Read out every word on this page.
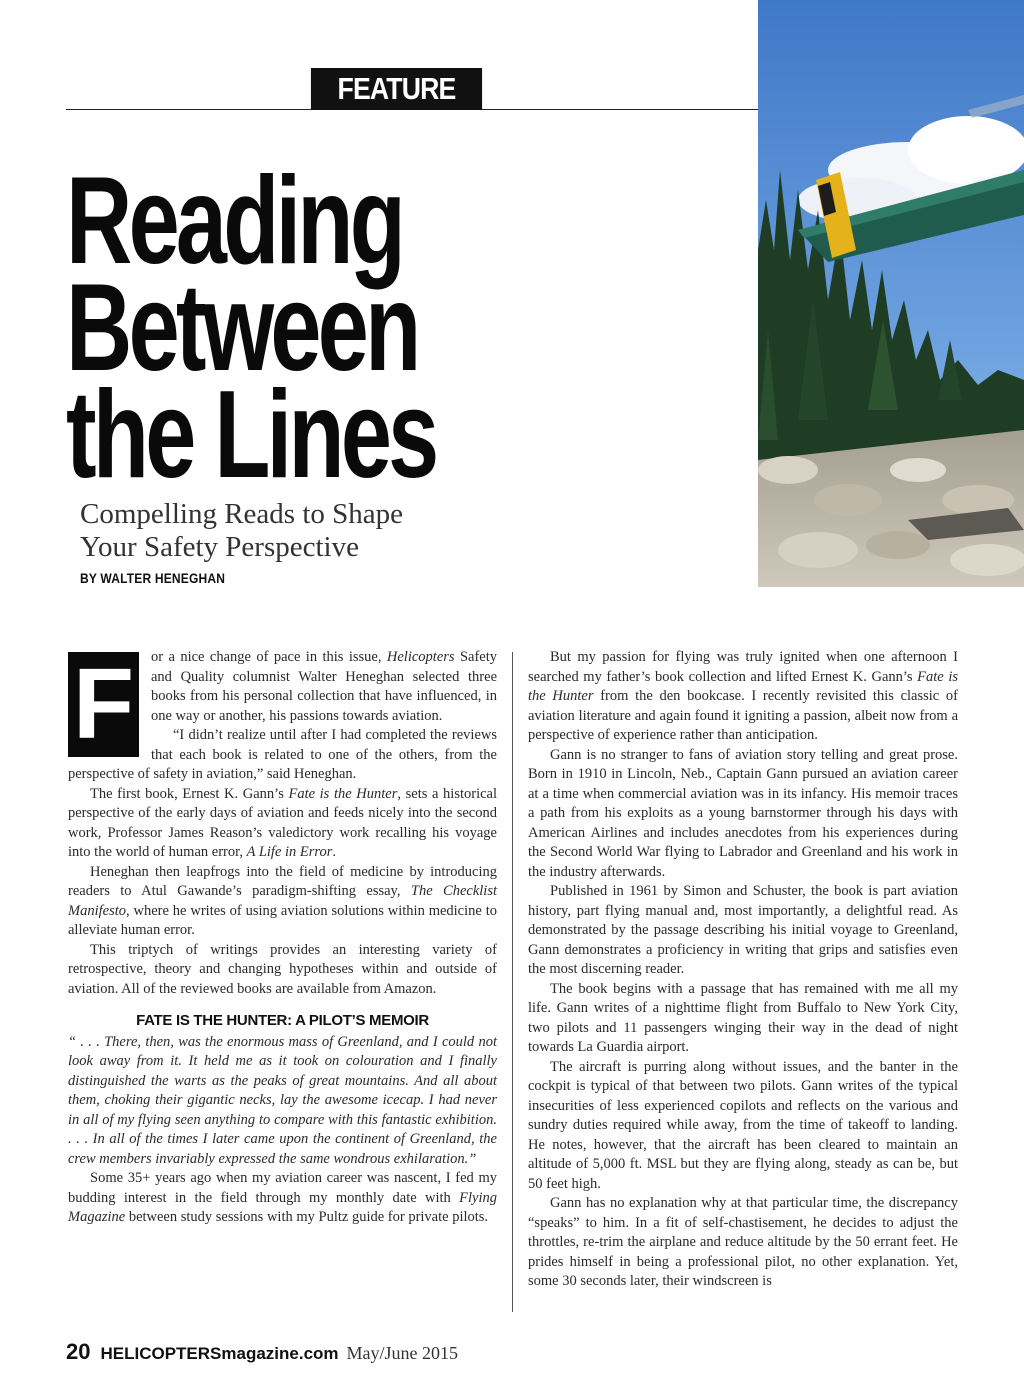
FEATURE
Reading
Between
the Lines
Compelling Reads to Shape
Your Safety Perspective
BY WALTER HENEGHAN
F	or a nice change of pace in this issue, Helicopters Safety and Quality columnist Walter Heneghan selected three books from his personal collection that have influenced, in one way or another, his passions towards aviation.

“I didn’t realize until after I had completed the reviews that each book is related to one of the others, from the perspective of safety in aviation,” said Heneghan.

The first book, Ernest K. Gann’s Fate is the Hunter, sets a historical perspective of the early days of aviation and feeds nicely into the second work, Professor James Reason’s valedictory work recalling his voyage into the world of human error, A Life in Error.

Heneghan then leapfrogs into the field of medicine by introducing readers to Atul Gawande’s paradigm-shifting essay, The Checklist Manifesto, where he writes of using aviation solutions within medicine to alleviate human error.

This triptych of writings provides an interesting variety of retrospective, theory and changing hypotheses within and outside of aviation. All of the reviewed books are available from Amazon.

FATE IS THE HUNTER: A PILOT’S MEMOIR

“ . . . There, then, was the enormous mass of Greenland, and I could not look away from it. It held me as it took on colouration and I finally distinguished the warts as the peaks of great mountains. And all about them, choking their gigantic necks, lay the awesome icecap. I had never in all of my flying seen anything to compare with this fantastic exhibition. . . . In all of the times I later came upon the continent of Greenland, the crew members invariably expressed the same wondrous exhilaration.”

Some 35+ years ago when my aviation career was nascent, I fed my budding interest in the field through my monthly date with Flying Magazine between study sessions with my Pultz guide for private pilots.

But my passion for flying was truly ignited when one afternoon I searched my father’s book collection and lifted Ernest K. Gann’s Fate is the Hunter from the den bookcase. I recently revisited this classic of aviation literature and again found it igniting a passion, albeit now from a perspective of experience rather than anticipation.

Gann is no stranger to fans of aviation story telling and great prose. Born in 1910 in Lincoln, Neb., Captain Gann pursued an aviation career at a time when commercial aviation was in its infancy. His memoir traces a path from his exploits as a young barnstormer through his days with American Airlines and includes anecdotes from his experiences during the Second World War flying to Labrador and Greenland and his work in the industry afterwards.

Published in 1961 by Simon and Schuster, the book is part aviation history, part flying manual and, most importantly, a delightful read. As demonstrated by the passage describing his initial voyage to Greenland, Gann demonstrates a proficiency in writing that grips and satisfies even the most discerning reader.

The book begins with a passage that has remained with me all my life. Gann writes of a nighttime flight from Buffalo to New York City, two pilots and 11 passengers winging their way in the dead of night towards La Guardia airport.

The aircraft is purring along without issues, and the banter in the cockpit is typical of that between two pilots. Gann writes of the typical insecurities of less experienced copilots and reflects on the various and sundry duties required while away, from the time of takeoff to landing. He notes, however, that the aircraft has been cleared to maintain an altitude of 5,000 ft. MSL but they are flying along, steady as can be, but 50 feet high.

Gann has no explanation why at that particular time, the discrepancy “speaks” to him. In a fit of self-chastisement, he decides to adjust the throttles, re-trim the airplane and reduce altitude by the 50 errant feet. He prides himself in being a professional pilot, no other explanation. Yet, some 30 seconds later, their windscreen is

20 HELICOPTERSmagazine.com May/June 2015
